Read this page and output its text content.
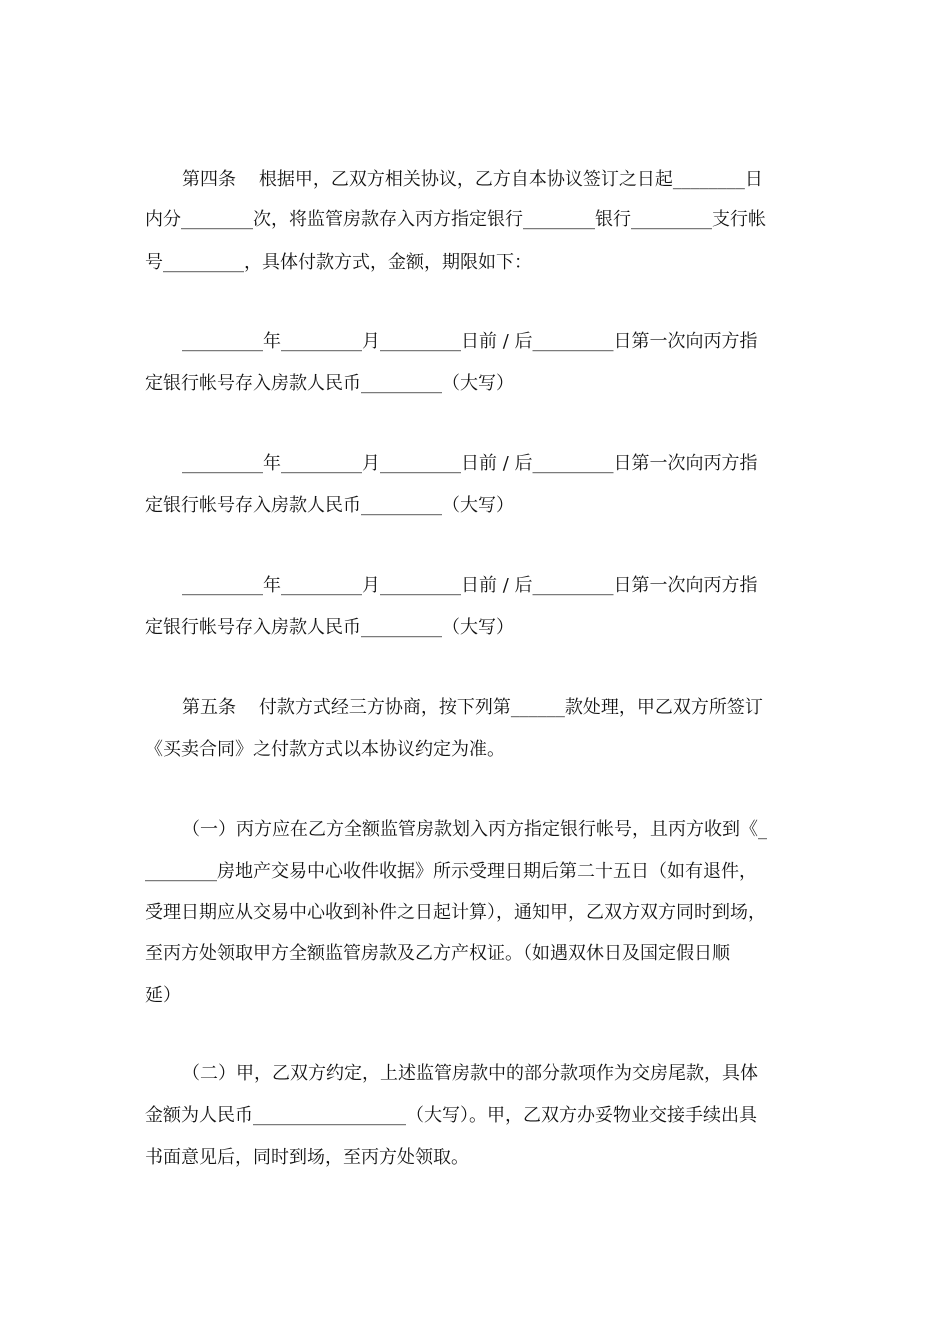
第四条    根据甲，乙双方相关协议，乙方自本协议签订之日起________日
内分________次，将监管房款存入丙方指定银行________银行_________支行帐
号_________，具体付款方式，金额，期限如下：
_________年_________月_________日前 / 后_________日第一次向丙方指
定银行帐号存入房款人民币_________（大写）
_________年_________月_________日前 / 后_________日第一次向丙方指
定银行帐号存入房款人民币_________（大写）
_________年_________月_________日前 / 后_________日第一次向丙方指
定银行帐号存入房款人民币_________（大写）
第五条    付款方式经三方协商，按下列第______款处理，甲乙双方所签订
《买卖合同》之付款方式以本协议约定为准。
（一）丙方应在乙方全额监管房款划入丙方指定银行帐号，且丙方收到《_
________房地产交易中心收件收据》所示受理日期后第二十五日（如有退件，
受理日期应从交易中心收到补件之日起计算），通知甲，乙双方双方同时到场，
至丙方处领取甲方全额监管房款及乙方产权证。（如遇双休日及国定假日顺
延）
（二）甲，乙双方约定，上述监管房款中的部分款项作为交房尾款，具体
金额为人民币_________________（大写）。甲，乙双方办妥物业交接手续出具
书面意见后，同时到场，至丙方处领取。
